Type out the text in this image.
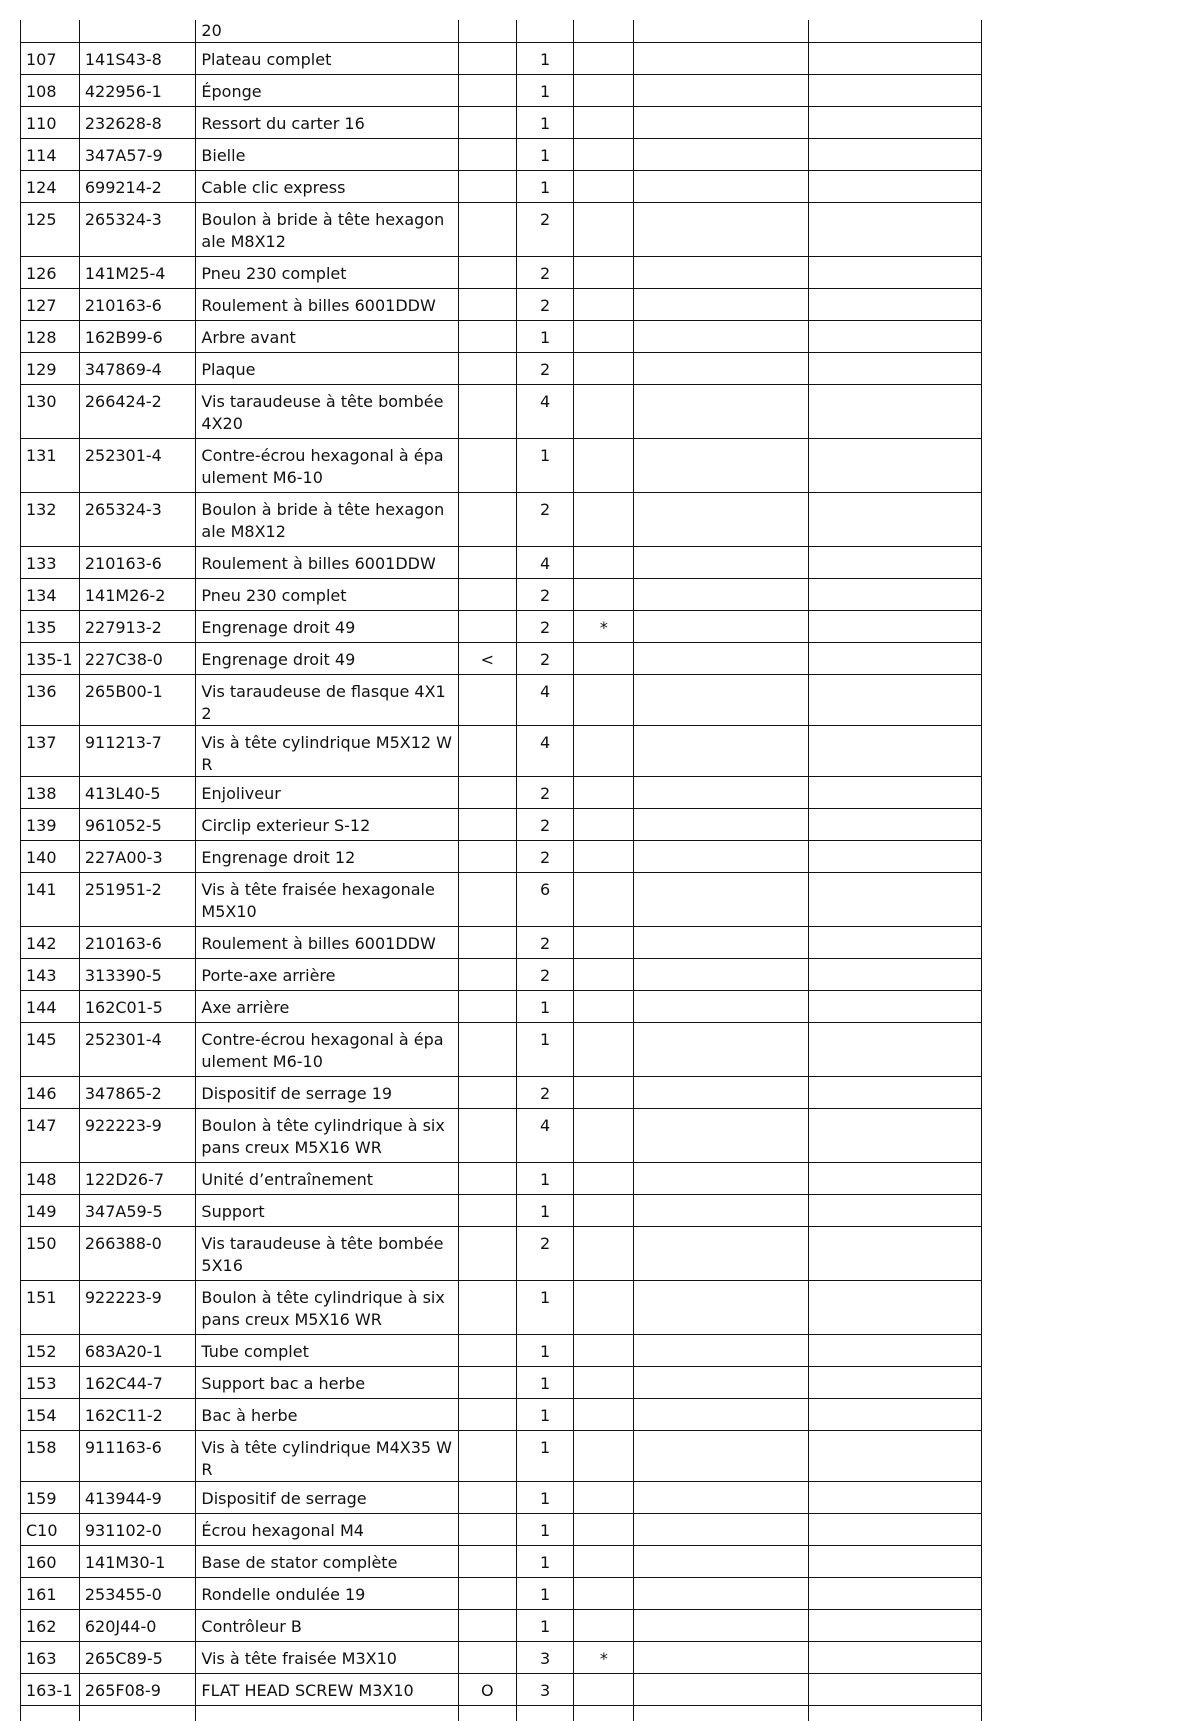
		20					
107	141S43-8	Plateau complet		1			
108	422956-1	Éponge		1			
110	232628-8	Ressort du carter 16		1			
114	347A57-9	Bielle		1			
124	699214-2	Cable clic express		1			
125	265324-3	Boulon à bride à tête hexagonale M8X12		2			
126	141M25-4	Pneu 230 complet		2			
127	210163-6	Roulement à billes 6001DDW		2			
128	162B99-6	Arbre avant		1			
129	347869-4	Plaque		2			
130	266424-2	Vis taraudeuse à tête bombée 4X20		4			
131	252301-4	Contre-écrou hexagonal à épaulement M6-10		1			
132	265324-3	Boulon à bride à tête hexagonale M8X12		2			
133	210163-6	Roulement à billes 6001DDW		4			
134	141M26-2	Pneu 230 complet		2			
135	227913-2	Engrenage droit 49		2	*		
135-1	227C38-0	Engrenage droit 49	<	2			
136	265B00-1	Vis taraudeuse de flasque 4X12		4			
137	911213-7	Vis à tête cylindrique M5X12 WR		4			
138	413L40-5	Enjoliveur		2			
139	961052-5	Circlip exterieur S-12		2			
140	227A00-3	Engrenage droit 12		2			
141	251951-2	Vis à tête fraisée hexagonale M5X10		6			
142	210163-6	Roulement à billes 6001DDW		2			
143	313390-5	Porte-axe arrière		2			
144	162C01-5	Axe arrière		1			
145	252301-4	Contre-écrou hexagonal à épaulement M6-10		1			
146	347865-2	Dispositif de serrage 19		2			
147	922223-9	Boulon à tête cylindrique à six pans creux M5X16 WR		4			
148	122D26-7	Unité d’entraînement		1			
149	347A59-5	Support		1			
150	266388-0	Vis taraudeuse à tête bombée 5X16		2			
151	922223-9	Boulon à tête cylindrique à six pans creux M5X16 WR		1			
152	683A20-1	Tube complet		1			
153	162C44-7	Support bac a herbe		1			
154	162C11-2	Bac à herbe		1			
158	911163-6	Vis à tête cylindrique M4X35 WR		1			
159	413944-9	Dispositif de serrage		1			
C10	931102-0	Écrou hexagonal M4		1			
160	141M30-1	Base de stator complète		1			
161	253455-0	Rondelle ondulée 19		1			
162	620J44-0	Contrôleur B		1			
163	265C89-5	Vis à tête fraisée M3X10		3	*		
163-1	265F08-9	FLAT HEAD SCREW M3X10	O	3			
